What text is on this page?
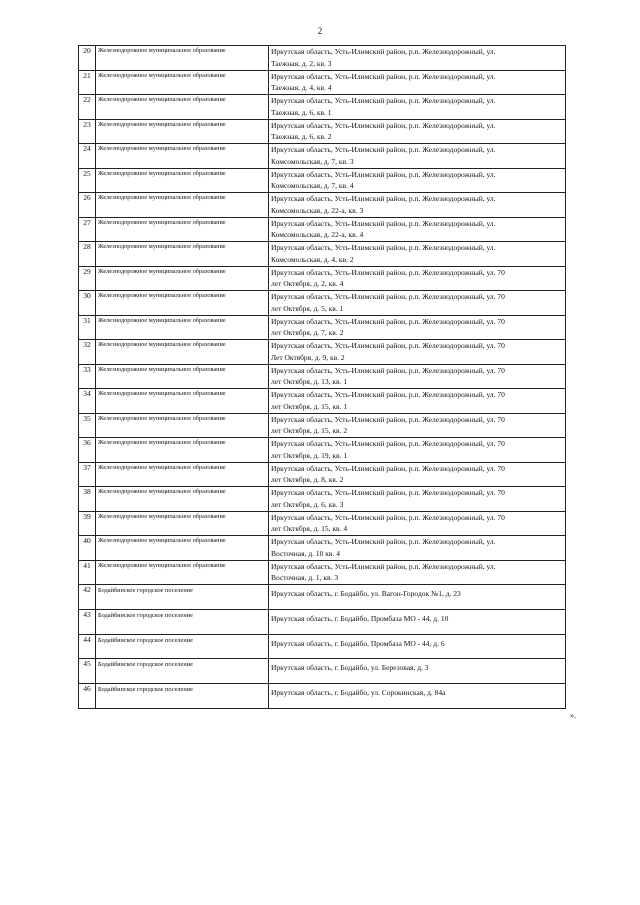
2
20	Железнодорожное муниципальное образование	Иркутская область, Усть-Илимский район, р.п. Железнодорожный, ул.
Таежная, д. 2, кв. 3

21	Железнодорожное муниципальное образование	Иркутская область, Усть-Илимский район, р.п. Железнодорожный, ул.
Таежная, д. 4, кв. 4

22	Железнодорожное муниципальное образование	Иркутская область, Усть-Илимский район, р.п. Железнодорожный, ул.
Таежная, д. 6, кв. 1

23	Железнодорожное муниципальное образование	Иркутская область, Усть-Илимский район, р.п. Железнодорожный, ул.
Таежная, д. 6, кв. 2

24	Железнодорожное муниципальное образование	Иркутская область, Усть-Илимский район, р.п. Железнодорожный, ул.
Комсомольская, д. 7, кв. 3

25	Железнодорожное муниципальное образование	Иркутская область, Усть-Илимский район, р.п. Железнодорожный, ул.
Комсомольская, д. 7, кв. 4

26	Железнодорожное муниципальное образование	Иркутская область, Усть-Илимский район, р.п. Железнодорожный, ул.
Комсомольская, д. 22-а, кв. 3

27	Железнодорожное муниципальное образование	Иркутская область, Усть-Илимский район, р.п. Железнодорожный, ул.
Комсомольская, д. 22-а, кв. 4

28	Железнодорожное муниципальное образование	Иркутская область, Усть-Илимский район, р.п. Железнодорожный, ул.
Комсомольская, д. 4, кв. 2

29	Железнодорожное муниципальное образование	Иркутская область, Усть-Илимский район, р.п. Железнодорожный, ул. 70
лет Октября, д. 2, кв. 4

30	Железнодорожное муниципальное образование	Иркутская область, Усть-Илимский район, р.п. Железнодорожный, ул. 70
лет Октября, д. 5, кв. 1

31	Железнодорожное муниципальное образование	Иркутская область, Усть-Илимский район, р.п. Железнодорожный, ул. 70
лет Октября, д. 7, кв. 2

32	Железнодорожное муниципальное образование	Иркутская область, Усть-Илимский район, р.п. Железнодорожный, ул. 70
Лет Октября, д. 9, кв. 2

33	Железнодорожное муниципальное образование	Иркутская область, Усть-Илимский район, р.п. Железнодорожный, ул. 70
лет Октября, д. 13, кв. 1

34	Железнодорожное муниципальное образование	Иркутская область, Усть-Илимский район, р.п. Железнодорожный, ул. 70
лет Октября, д. 15, кв. 1

35	Железнодорожное муниципальное образование	Иркутская область, Усть-Илимский район, р.п. Железнодорожный, ул. 70
лет Октября, д. 15, кв. 2

36	Железнодорожное муниципальное образование	Иркутская область, Усть-Илимский район, р.п. Железнодорожный, ул. 70
лет Октября, д. 19, кв. 1

37	Железнодорожное муниципальное образование	Иркутская область, Усть-Илимский район, р.п. Железнодорожный, ул. 70
лет Октября, д. 8, кв. 2

38	Железнодорожное муниципальное образование	Иркутская область, Усть-Илимский район, р.п. Железнодорожный, ул. 70
лет Октября, д. 6, кв. 3

39	Железнодорожное муниципальное образование	Иркутская область, Усть-Илимский район, р.п. Железнодорожный, ул. 70
лет Октября, д. 15, кв. 4

40	Железнодорожное муниципальное образование	Иркутская область, Усть-Илимский район, р.п. Железнодорожный, ул.
Восточная, д. 10 кв. 4

41	Железнодорожное муниципальное образование	Иркутская область, Усть-Илимский район, р.п. Железнодорожный, ул.
Восточная, д. 1, кв. 3

42	Бодайбинское городское поселение	Иркутская область, г. Бодайбо, ул. Вагон-Городок №1, д. 23

43	Бодайбинское городское поселение	Иркутская область, г. Бодайбо, Промбаза МО - 44, д. 10

44	Бодайбинское городское поселение	Иркутская область, г. Бодайбо, Промбаза МО - 44, д. 6

45	Бодайбинское городское поселение	Иркутская область, г. Бодайбо, ул. Березовая, д. 3

46	Бодайбинское городское поселение	Иркутская область, г. Бодайбо, ул. Сорокинская, д. 84а
».
